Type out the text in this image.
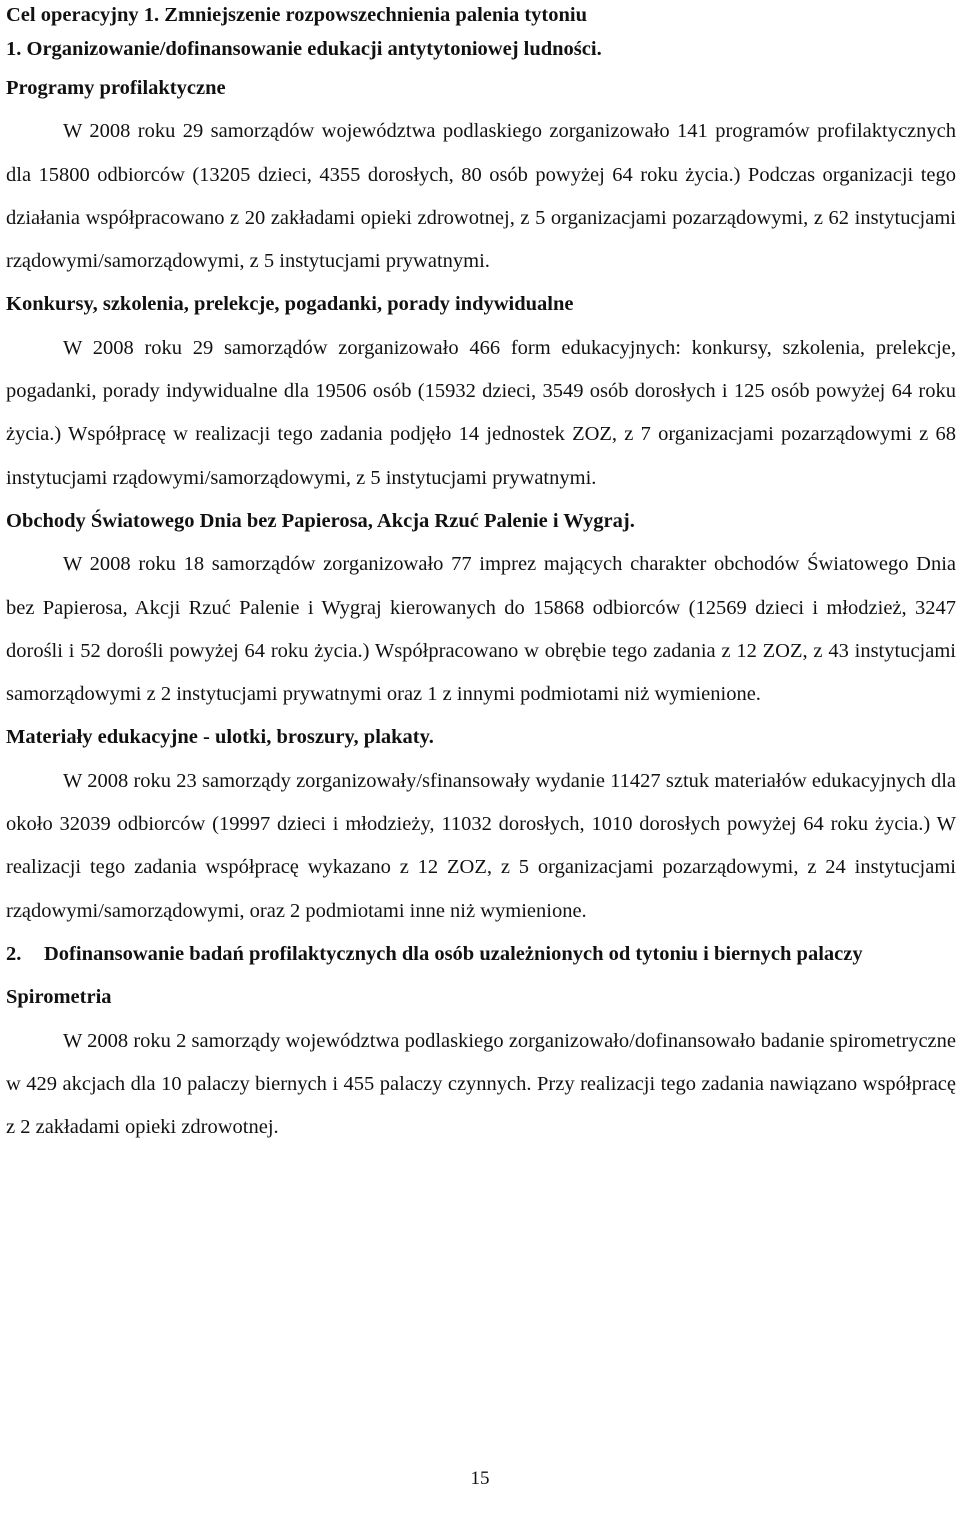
Cel operacyjny 1. Zmniejszenie rozpowszechnienia palenia tytoniu
1. Organizowanie/dofinansowanie edukacji antytytoniowej ludności.
Programy profilaktyczne

W 2008 roku 29 samorządów województwa podlaskiego zorganizowało 141 programów profilaktycznych dla 15800 odbiorców (13205 dzieci, 4355 dorosłych, 80 osób powyżej 64 roku życia.) Podczas organizacji tego działania współpracowano z 20 zakładami opieki zdrowotnej, z 5 organizacjami pozarządowymi, z 62 instytucjami rządowymi/samorządowymi, z 5 instytucjami prywatnymi.

Konkursy, szkolenia, prelekcje, pogadanki, porady indywidualne

W 2008 roku 29 samorządów zorganizowało 466 form edukacyjnych: konkursy, szkolenia, prelekcje, pogadanki, porady indywidualne dla 19506 osób (15932 dzieci, 3549 osób dorosłych i 125 osób powyżej 64 roku życia.) Współpracę w realizacji tego zadania podjęło 14 jednostek ZOZ, z 7 organizacjami pozarządowymi z 68 instytucjami rządowymi/samorządowymi, z 5 instytucjami prywatnymi.

Obchody Światowego Dnia bez Papierosa, Akcja Rzuć Palenie i Wygraj.

W 2008 roku 18 samorządów zorganizowało 77 imprez mających charakter obchodów Światowego Dnia bez Papierosa, Akcji Rzuć Palenie i Wygraj kierowanych do 15868 odbiorców (12569 dzieci i młodzież, 3247 dorośli i 52 dorośli powyżej 64 roku życia.) Współpracowano w obrębie tego zadania z 12 ZOZ, z 43 instytucjami samorządowymi z 2 instytucjami prywatnymi oraz 1 z innymi podmiotami niż wymienione.

Materiały edukacyjne - ulotki, broszury, plakaty.

W 2008 roku 23 samorządy zorganizowały/sfinansowały wydanie 11427 sztuk materiałów edukacyjnych dla około 32039 odbiorców (19997 dzieci i młodzieży, 11032 dorosłych, 1010 dorosłych powyżej 64 roku życia.) W realizacji tego zadania współpracę wykazano z 12 ZOZ, z 5 organizacjami pozarządowymi, z 24 instytucjami rządowymi/samorządowymi, oraz 2 podmiotami inne niż wymienione.

2.	Dofinansowanie badań profilaktycznych dla osób uzależnionych od tytoniu i biernych palaczy
Spirometria

W 2008 roku 2 samorządy województwa podlaskiego zorganizowało/dofinansowało badanie spirometryczne w 429 akcjach dla 10 palaczy biernych i 455 palaczy czynnych. Przy realizacji tego zadania nawiązano współpracę z 2 zakładami opieki zdrowotnej.

15
